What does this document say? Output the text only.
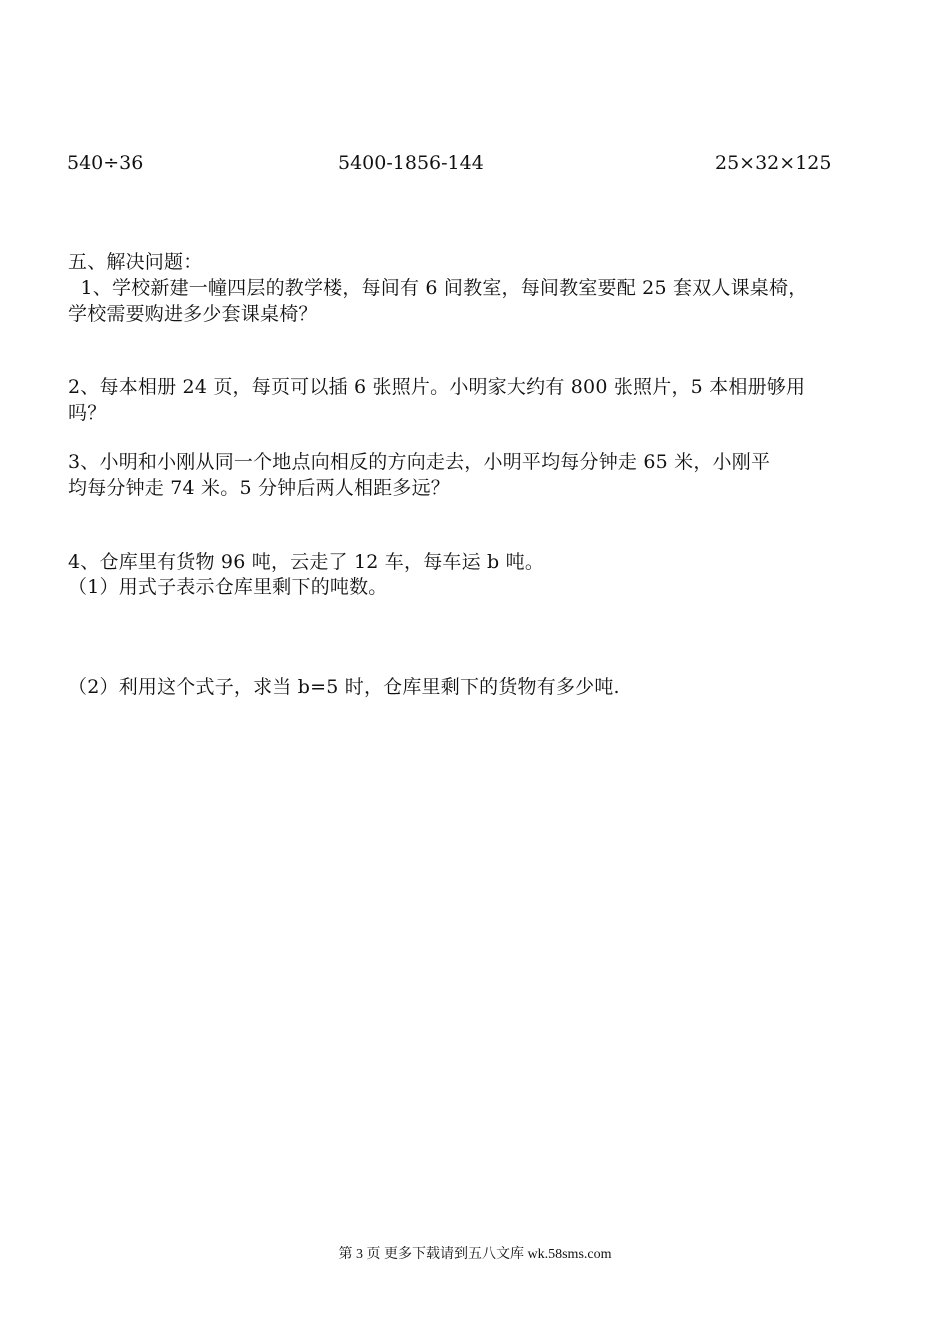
540÷36	5400-1856-144	25×32×125
五、解决问题：
1、学校新建一幢四层的教学楼，每间有 6 间教室，每间教室要配 25 套双人课桌椅，
学校需要购进多少套课桌椅？
2、每本相册 24 页，每页可以插 6 张照片。小明家大约有 800 张照片，5 本相册够用
吗？
3、小明和小刚从同一个地点向相反的方向走去，小明平均每分钟走 65 米，小刚平
均每分钟走 74 米。5 分钟后两人相距多远？
4、仓库里有货物 96 吨，云走了 12 车，每车运 b 吨。
（1）用式子表示仓库里剩下的吨数。
（2）利用这个式子，求当 b=5 时，仓库里剩下的货物有多少吨.
第 3 页 更多下载请到五八文库 wk.58sms.com
